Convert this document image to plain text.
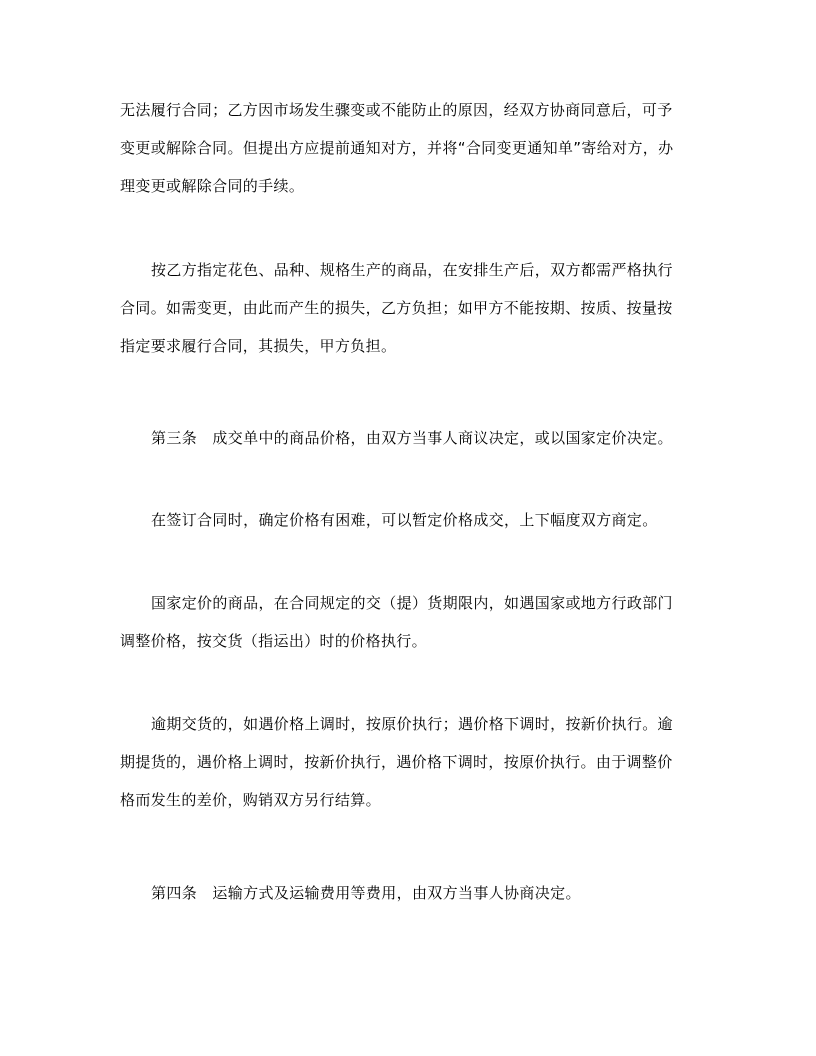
无法履行合同；乙方因市场发生骤变或不能防止的原因，经双方协商同意后，可予
变更或解除合同。但提出方应提前通知对方，并将“合同变更通知单”寄给对方，办
理变更或解除合同的手续。
按乙方指定花色、品种、规格生产的商品，在安排生产后，双方都需严格执行
合同。如需变更，由此而产生的损失，乙方负担；如甲方不能按期、按质、按量按
指定要求履行合同，其损失，甲方负担。
第三条　成交单中的商品价格，由双方当事人商议决定，或以国家定价决定。
在签订合同时，确定价格有困难，可以暂定价格成交，上下幅度双方商定。
国家定价的商品，在合同规定的交（提）货期限内，如遇国家或地方行政部门
调整价格，按交货（指运出）时的价格执行。
逾期交货的，如遇价格上调时，按原价执行；遇价格下调时，按新价执行。逾
期提货的，遇价格上调时，按新价执行，遇价格下调时，按原价执行。由于调整价
格而发生的差价，购销双方另行结算。
第四条　运输方式及运输费用等费用，由双方当事人协商决定。
